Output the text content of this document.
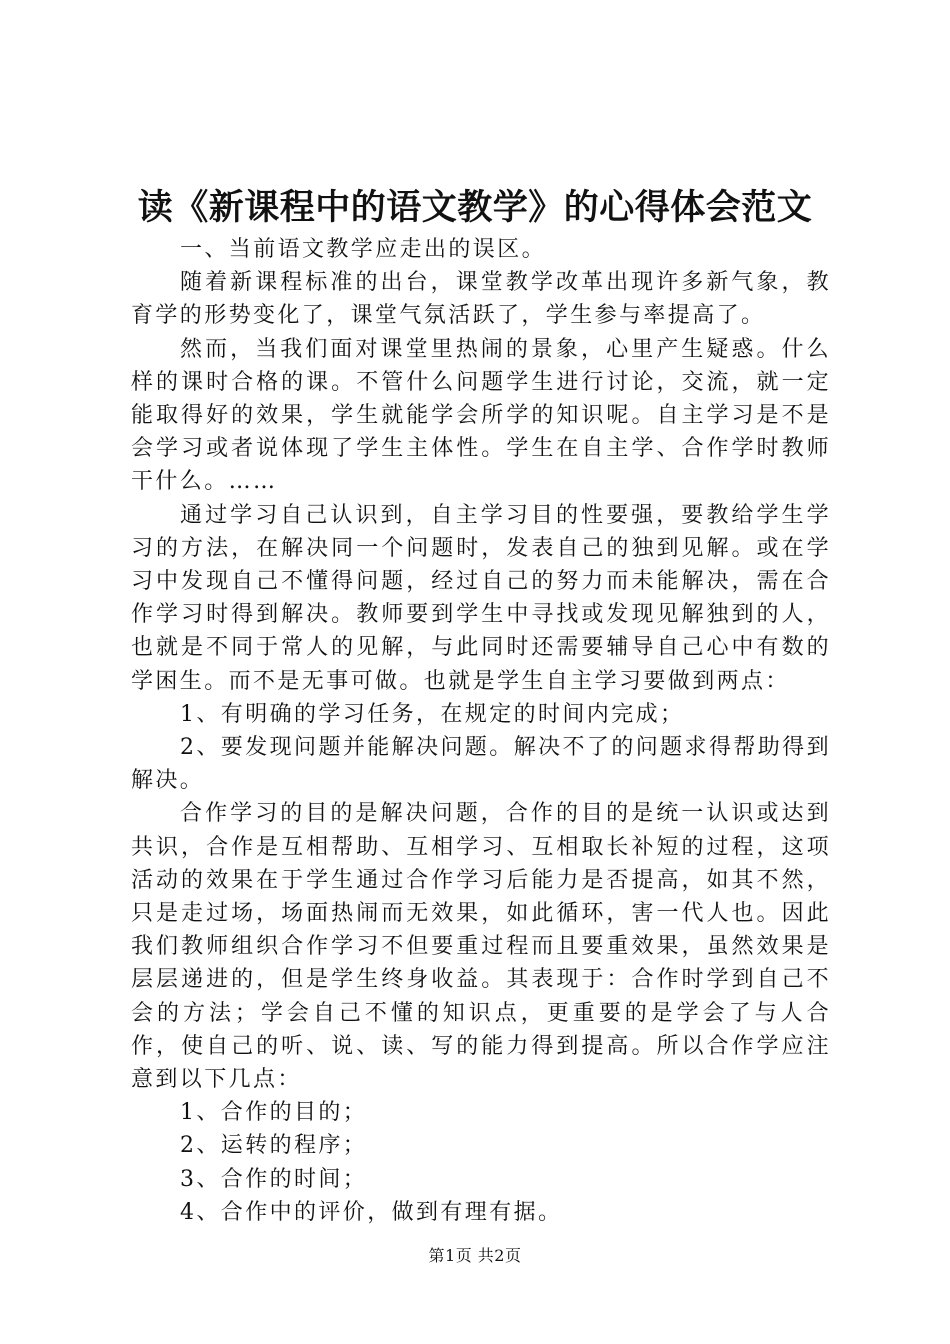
读《新课程中的语文教学》的心得体会范文

一、当前语文教学应走出的误区。

随着新课程标准的出台，课堂教学改革出现许多新气象，教育学的形势变化了，课堂气氛活跃了，学生参与率提高了。

然而，当我们面对课堂里热闹的景象，心里产生疑惑。什么样的课时合格的课。不管什么问题学生进行讨论，交流，就一定能取得好的效果，学生就能学会所学的知识呢。自主学习是不是会学习或者说体现了学生主体性。学生在自主学、合作学时教师干什么。……

通过学习自己认识到，自主学习目的性要强，要教给学生学习的方法，在解决同一个问题时，发表自己的独到见解。或在学习中发现自己不懂得问题，经过自己的努力而未能解决，需在合作学习时得到解决。教师要到学生中寻找或发现见解独到的人，也就是不同于常人的见解，与此同时还需要辅导自己心中有数的学困生。而不是无事可做。也就是学生自主学习要做到两点：

1、有明确的学习任务，在规定的时间内完成；

2、要发现问题并能解决问题。解决不了的问题求得帮助得到解决。

合作学习的目的是解决问题，合作的目的是统一认识或达到共识，合作是互相帮助、互相学习、互相取长补短的过程，这项活动的效果在于学生通过合作学习后能力是否提高，如其不然，只是走过场，场面热闹而无效果，如此循环，害一代人也。因此我们教师组织合作学习不但要重过程而且要重效果，虽然效果是层层递进的，但是学生终身收益。其表现于：合作时学到自己不会的方法；学会自己不懂的知识点，更重要的是学会了与人合作，使自己的听、说、读、写的能力得到提高。所以合作学应注意到以下几点：

1、合作的目的；

2、运转的程序；

3、合作的时间；

4、合作中的评价，做到有理有据。

第1页 共2页
